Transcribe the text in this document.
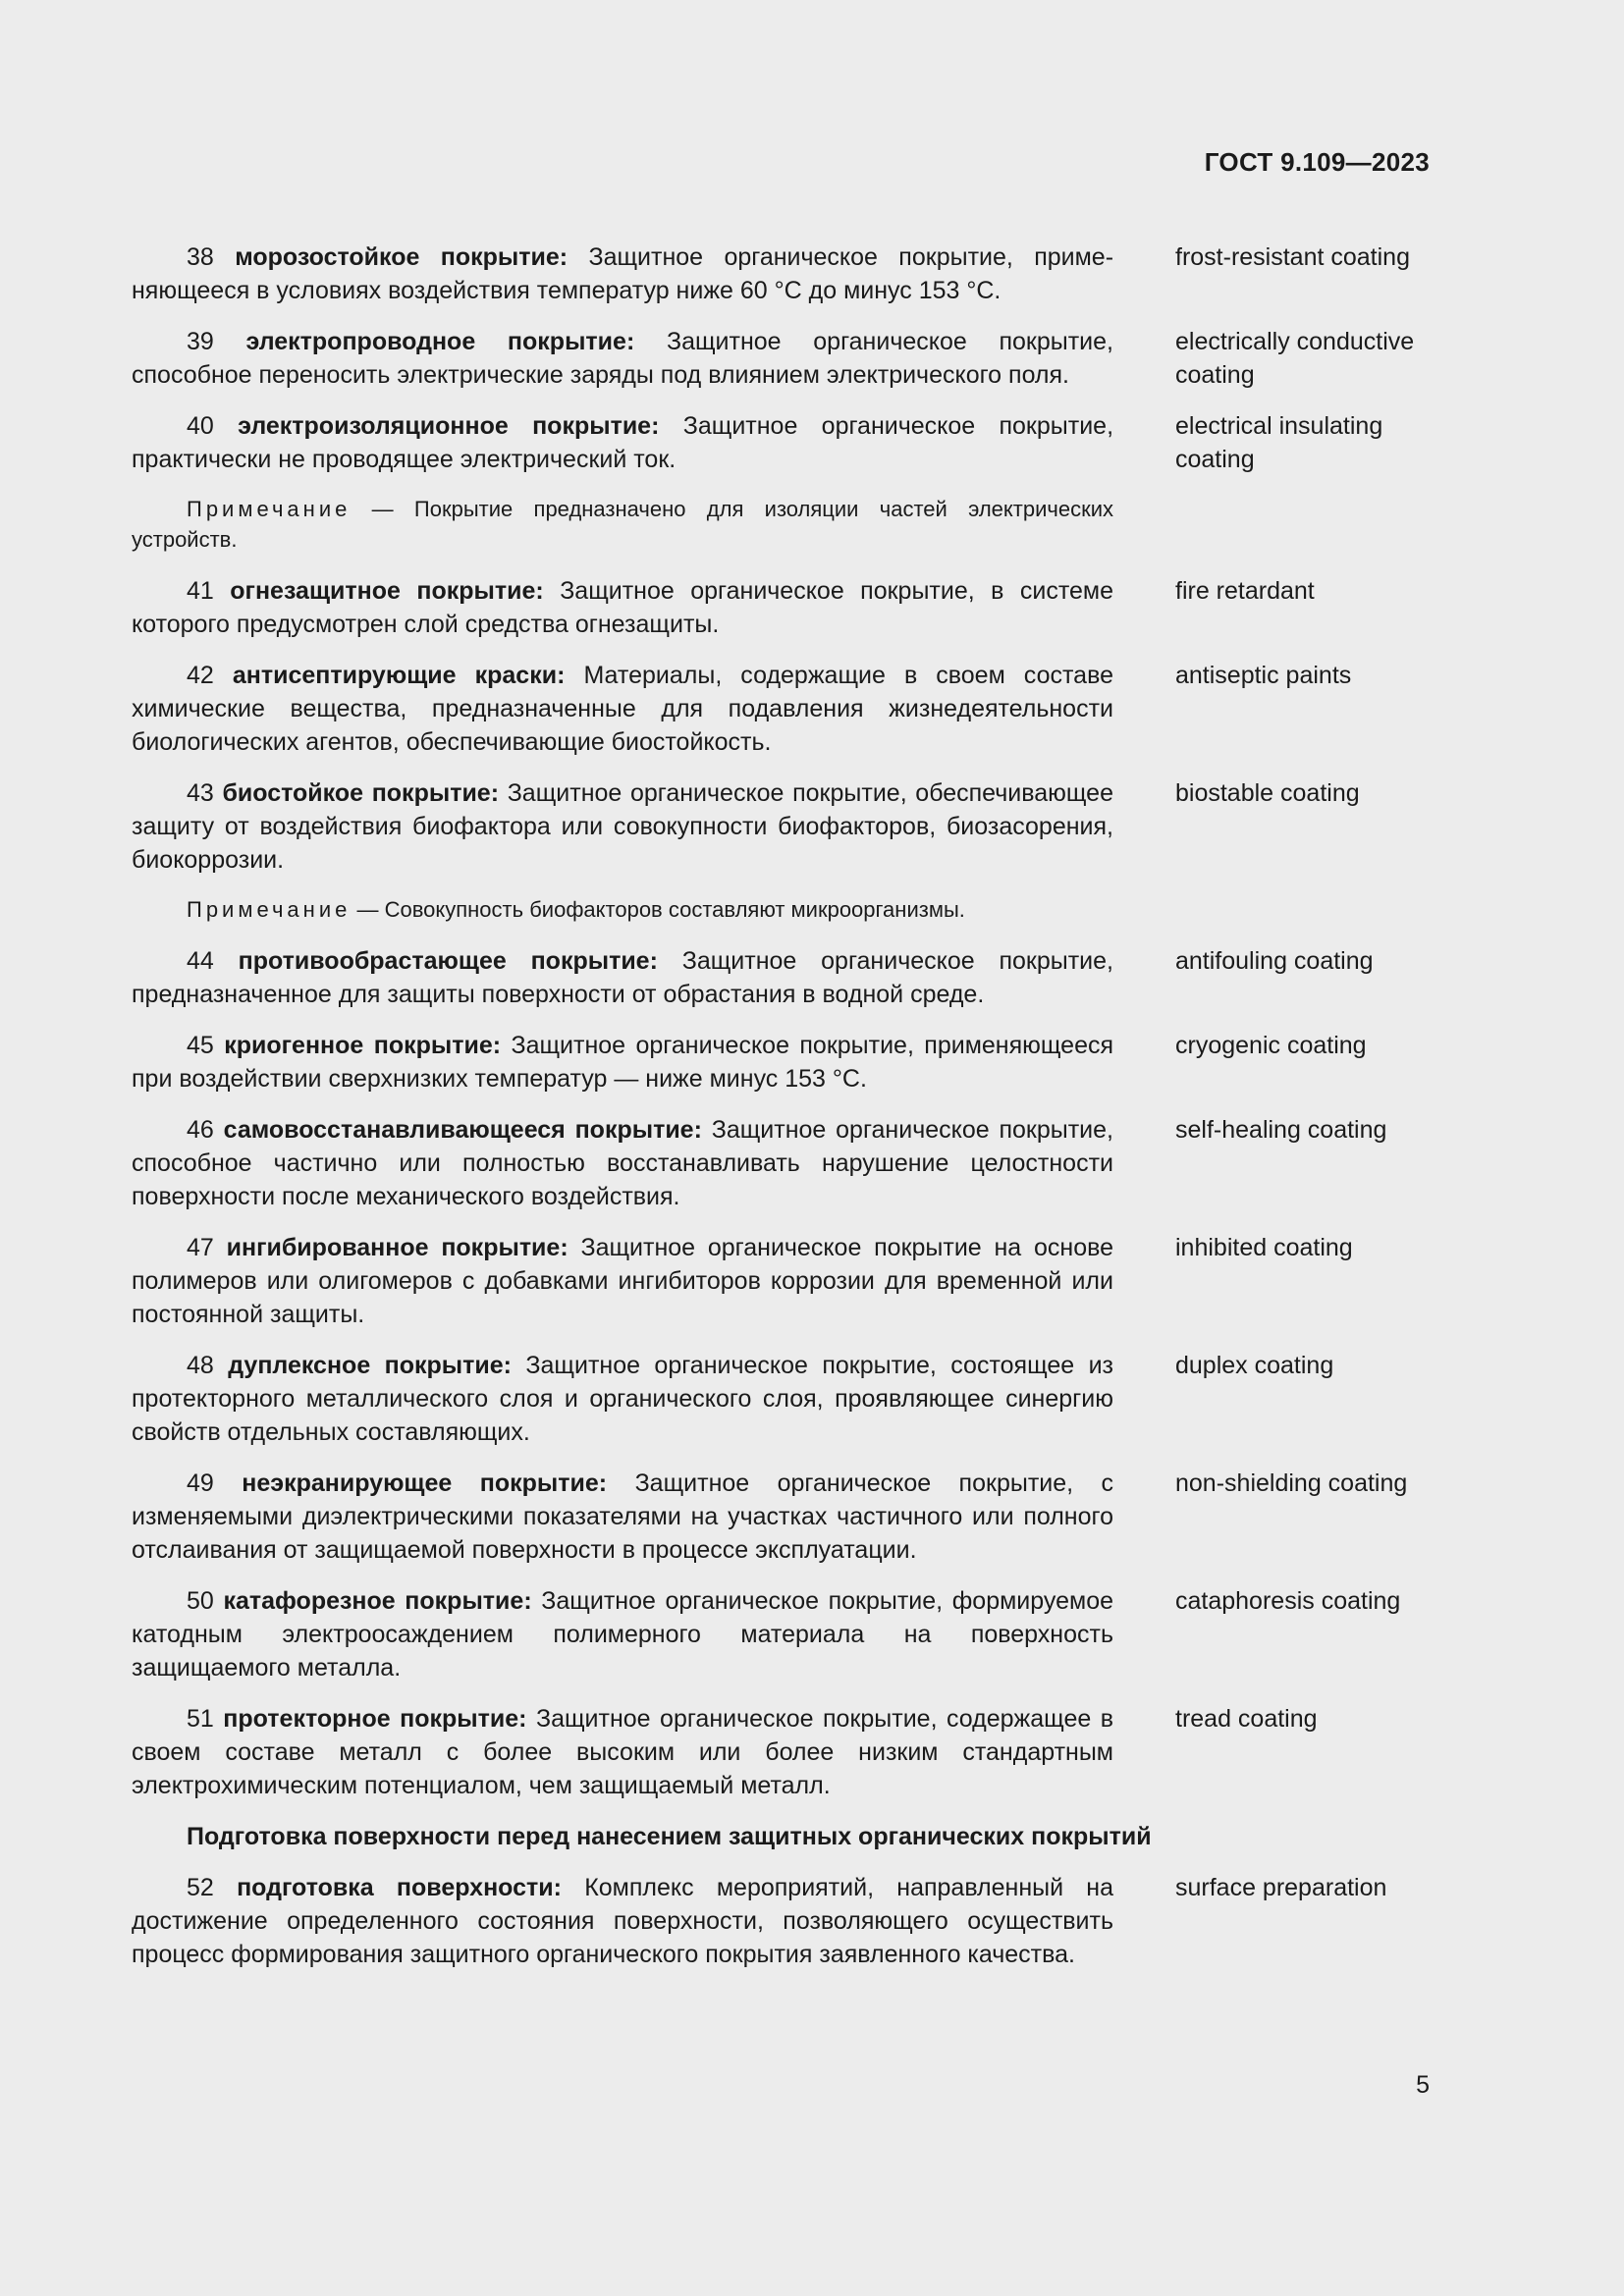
ГОСТ 9.109—2023
38 морозостойкое покрытие: Защитное органическое покрытие, применяющееся в условиях воздействия температур ниже 60 °С до минус 153 °С.
frost-resistant coating
39 электропроводное покрытие: Защитное органическое покрытие, способное переносить электрические заряды под влиянием электрического поля.
electrically conductive coating
40 электроизоляционное покрытие: Защитное органическое покрытие, практически не проводящее электрический ток.
electrical insulating coating
Примечание — Покрытие предназначено для изоляции частей электрических устройств.
41 огнезащитное покрытие: Защитное органическое покрытие, в системе которого предусмотрен слой средства огнезащиты.
fire retardant
42 антисептирующие краски: Материалы, содержащие в своем составе химические вещества, предназначенные для подавления жизнедеятельности биологических агентов, обеспечивающие биостойкость.
antiseptic paints
43 биостойкое покрытие: Защитное органическое покрытие, обеспечивающее защиту от воздействия биофактора или совокупности биофакторов, биозасорения, биокоррозии.
biostable coating
Примечание — Совокупность биофакторов составляют микроорганизмы.
44 противообрастающее покрытие: Защитное органическое покрытие, предназначенное для защиты поверхности от обрастания в водной среде.
antifouling coating
45 криогенное покрытие: Защитное органическое покрытие, применяющееся при воздействии сверхнизких температур — ниже минус 153 °С.
cryogenic coating
46 самовосстанавливающееся покрытие: Защитное органическое покрытие, способное частично или полностью восстанавливать нарушение целостности поверхности после механического воздействия.
self-healing coating
47 ингибированное покрытие: Защитное органическое покрытие на основе полимеров или олигомеров с добавками ингибиторов коррозии для временной или постоянной защиты.
inhibited coating
48 дуплексное покрытие: Защитное органическое покрытие, состоящее из протекторного металлического слоя и органического слоя, проявляющее синергию свойств отдельных составляющих.
duplex coating
49 неэкранирующее покрытие: Защитное органическое покрытие, с изменяемыми диэлектрическими показателями на участках частичного или полного отслаивания от защищаемой поверхности в процессе эксплуатации.
non-shielding coating
50 катафорезное покрытие: Защитное органическое покрытие, формируемое катодным электроосаждением полимерного материала на поверхность защищаемого металла.
cataphoresis coating
51 протекторное покрытие: Защитное органическое покрытие, содержащее в своем составе металл с более высоким или более низким стандартным электрохимическим потенциалом, чем защищаемый металл.
tread coating
Подготовка поверхности перед нанесением защитных органических покрытий
52 подготовка поверхности: Комплекс мероприятий, направленный на достижение определенного состояния поверхности, позволяющего осуществить процесс формирования защитного органического покрытия заявленного качества.
surface preparation
5
